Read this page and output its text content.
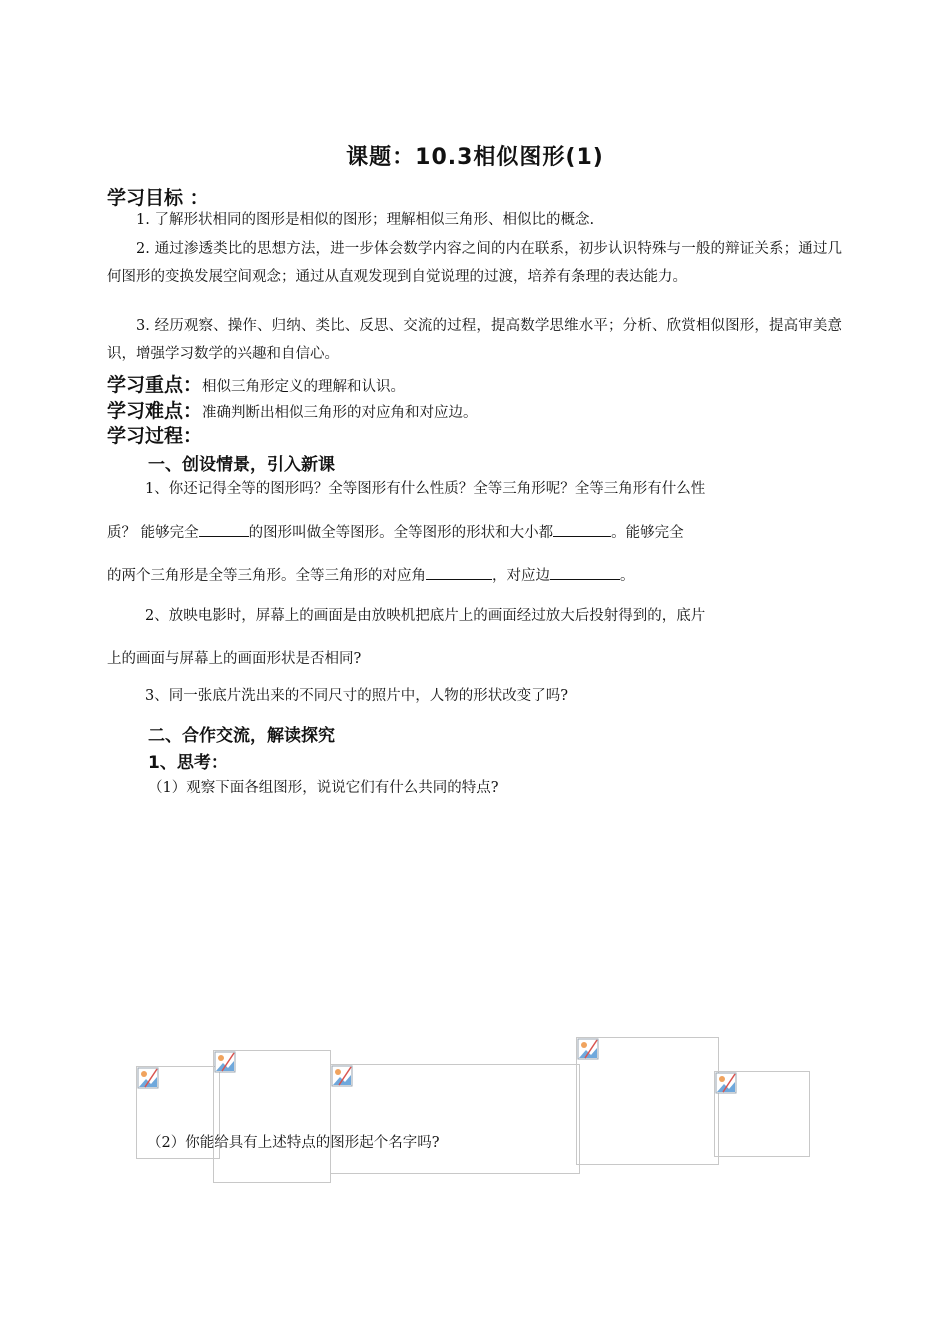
课题：10.3相似图形(1)
学习目标 ：
1. 了解形状相同的图形是相似的图形；理解相似三角形、相似比的概念.
2. 通过渗透类比的思想方法，进一步体会数学内容之间的内在联系，初步认识特殊与一般的辩证关系；通过几何图形的变换发展空间观念；通过从直观发现到自觉说理的过渡，培养有条理的表达能力。
3. 经历观察、操作、归纳、类比、反思、交流的过程，提高数学思维水平；分析、欣赏相似图形，提高审美意识，增强学习数学的兴趣和自信心。
学习重点：相似三角形定义的理解和认识。
学习难点：准确判断出相似三角形的对应角和对应边。
学习过程：
一、创设情景，引入新课
1、你还记得全等的图形吗？全等图形有什么性质？全等三角形呢？全等三角形有什么性
质？ 能够完全	的图形叫做全等图形。全等图形的形状和大小都	。能够完全
的两个三角形是全等三角形。全等三角形的对应角	，对应边	。
2、放映电影时，屏幕上的画面是由放映机把底片上的画面经过放大后投射得到的，底片
上的画面与屏幕上的画面形状是否相同?
3、同一张底片洗出来的不同尺寸的照片中，人物的形状改变了吗?
二、合作交流，解读探究
1、思考：
（1）观察下面各组图形，说说它们有什么共同的特点?
（2）你能给具有上述特点的图形起个名字吗?
